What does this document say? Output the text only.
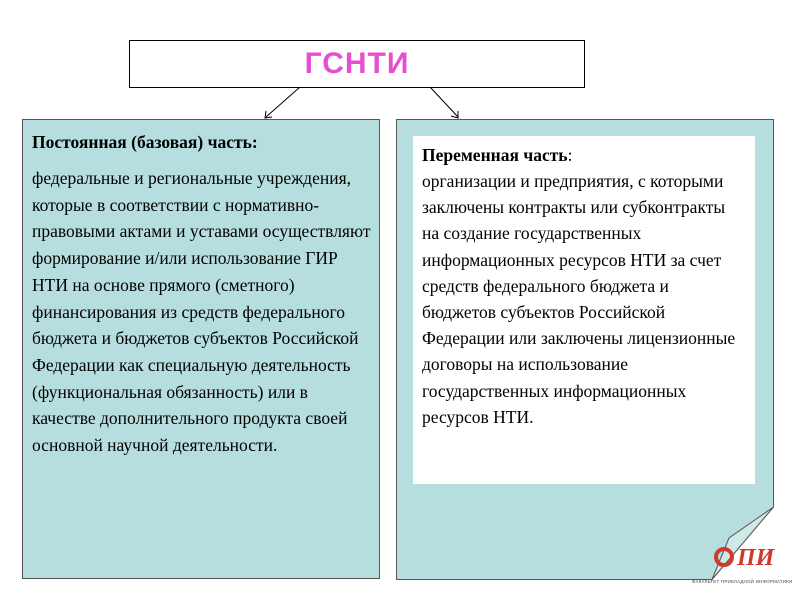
ГСНТИ

Постоянная (базовая) часть:

федеральные и региональные учреждения, которые в соответствии с нормативно-правовыми актами и уставами осуществляют формирование и/или использование ГИР НТИ на основе прямого (сметного) финансирования из средств федерального бюджета и бюджетов субъектов Российской Федерации как специальную деятельность (функциональная обязанность) или в качестве дополнительного продукта своей основной научной деятельности.

Переменная часть:

организации и предприятия, с которыми заключены контракты или субконтракты на создание государственных информационных ресурсов НТИ за счет средств федерального бюджета и бюджетов субъектов Российской Федерации или заключены лицензионные договоры на использование государственных информационных ресурсов НТИ.

ПИ
ФАКУЛЬТЕТ ПРИКЛАДНОЙ ИНФОРМАТИКИ
